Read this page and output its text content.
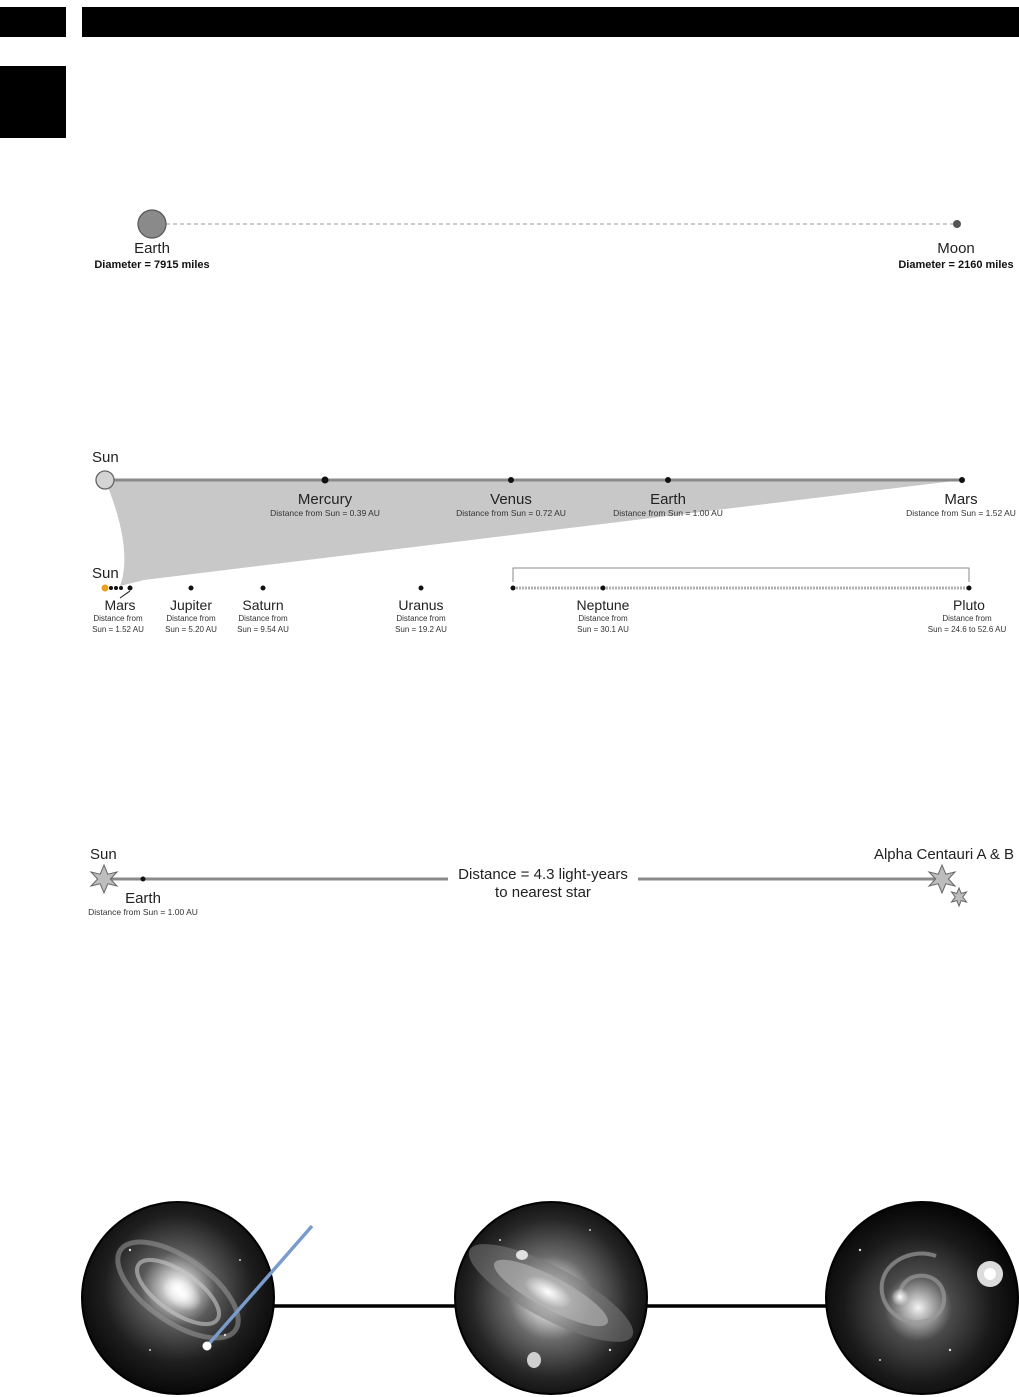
Earth
Diameter = 7915 miles
Moon
Diameter = 2160 miles
Sun
Mercury
Distance from Sun = 0.39 AU
Venus
Distance from Sun = 0.72 AU
Earth
Distance from Sun = 1.00 AU
Mars
Distance from Sun = 1.52 AU
Sun
Mars
Distance from
Sun = 1.52 AU
Jupiter
Distance from
Sun = 5.20 AU
Saturn
Distance from
Sun = 9.54 AU
Uranus
Distance from
Sun = 19.2 AU
Neptune
Distance from
Sun = 30.1 AU
Pluto
Distance from
Sun = 24.6 to 52.6 AU
Sun
Earth
Distance from Sun = 1.00 AU
Distance = 4.3 light-years
to nearest star
Alpha Centauri A & B
